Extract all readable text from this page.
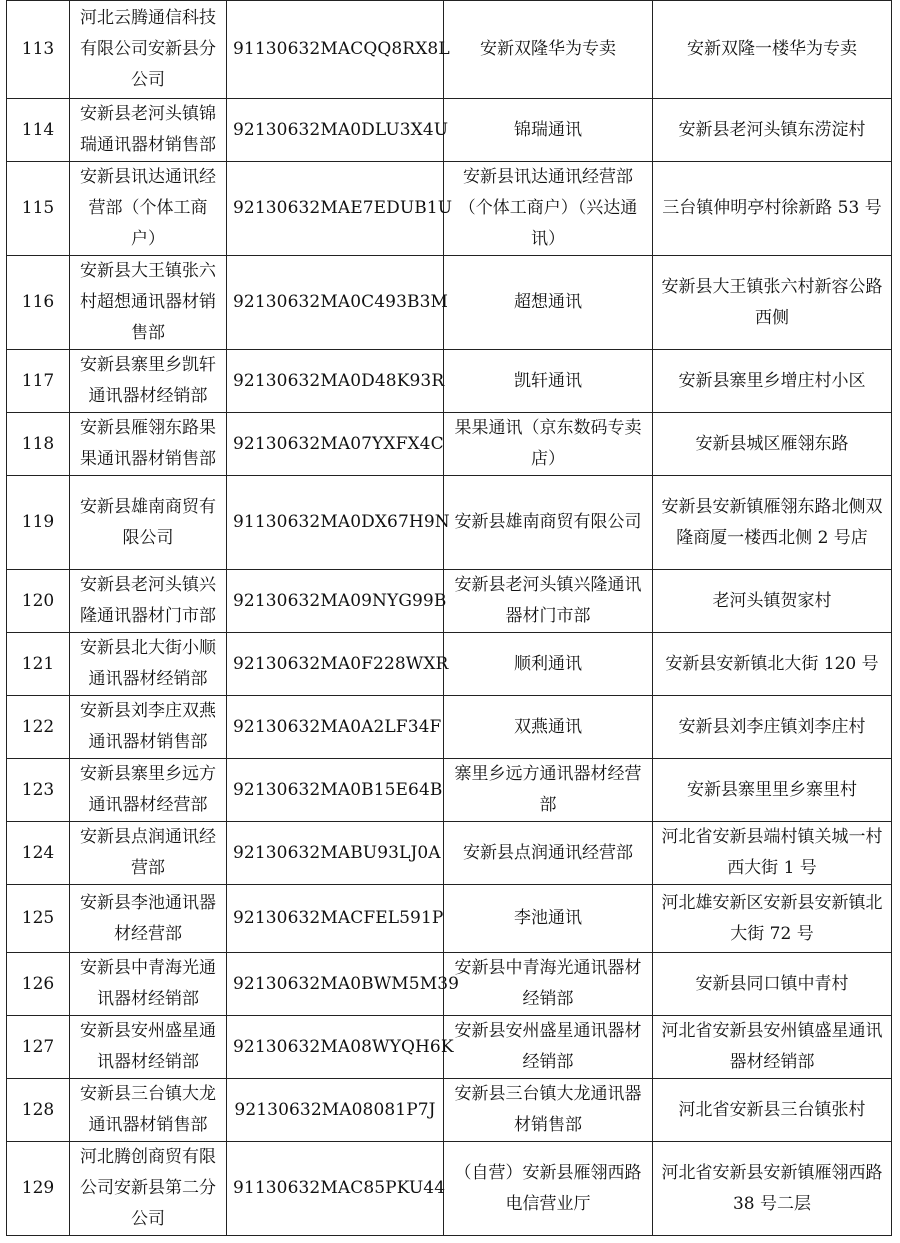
113	河北云腾通信科技有限公司安新县分公司	91130632MACQQ8RX8L	安新双隆华为专卖	安新双隆一楼华为专卖
114	安新县老河头镇锦瑞通讯器材销售部	92130632MA0DLU3X4U	锦瑞通讯	安新县老河头镇东涝淀村
115	安新县讯达通讯经营部（个体工商户）	92130632MAE7EDUB1U	安新县讯达通讯经营部（个体工商户）（兴达通讯）	三台镇伸明亭村徐新路 53 号
116	安新县大王镇张六村超想通讯器材销售部	92130632MA0C493B3M	超想通讯	安新县大王镇张六村新容公路西侧
117	安新县寨里乡凯轩通讯器材经销部	92130632MA0D48K93R	凯轩通讯	安新县寨里乡增庄村小区
118	安新县雁翎东路果果通讯器材销售部	92130632MA07YXFX4C	果果通讯（京东数码专卖店）	安新县城区雁翎东路
119	安新县雄南商贸有限公司	91130632MA0DX67H9N	安新县雄南商贸有限公司	安新县安新镇雁翎东路北侧双隆商厦一楼西北侧 2 号店
120	安新县老河头镇兴隆通讯器材门市部	92130632MA09NYG99B	安新县老河头镇兴隆通讯器材门市部	老河头镇贺家村
121	安新县北大街小顺通讯器材经销部	92130632MA0F228WXR	顺利通讯	安新县安新镇北大街 120 号
122	安新县刘李庄双燕通讯器材销售部	92130632MA0A2LF34F	双燕通讯	安新县刘李庄镇刘李庄村
123	安新县寨里乡远方通讯器材经营部	92130632MA0B15E64B	寨里乡远方通讯器材经营部	安新县寨里里乡寨里村
124	安新县点润通讯经营部	92130632MABU93LJ0A	安新县点润通讯经营部	河北省安新县端村镇关城一村西大街 1 号
125	安新县李池通讯器材经营部	92130632MACFEL591P	李池通讯	河北雄安新区安新县安新镇北大街 72 号
126	安新县中青海光通讯器材经销部	92130632MA0BWM5M39	安新县中青海光通讯器材经销部	安新县同口镇中青村
127	安新县安州盛星通讯器材经销部	92130632MA08WYQH6K	安新县安州盛星通讯器材经销部	河北省安新县安州镇盛星通讯器材经销部
128	安新县三台镇大龙通讯器材销售部	92130632MA08081P7J	安新县三台镇大龙通讯器材销售部	河北省安新县三台镇张村
129	河北腾创商贸有限公司安新县第二分公司	91130632MAC85PKU44	（自营）安新县雁翎西路电信营业厅	河北省安新县安新镇雁翎西路 38 号二层
